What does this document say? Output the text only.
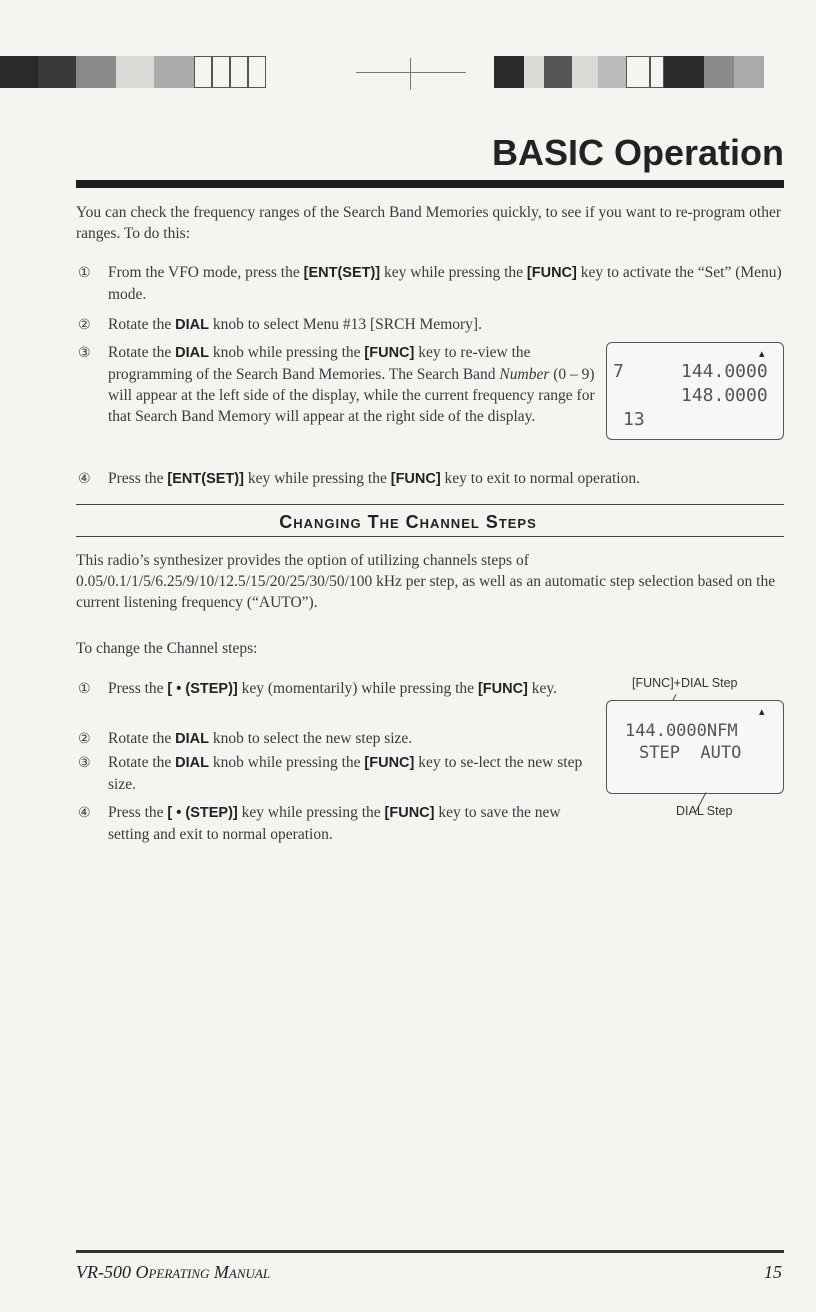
BASIC Operation

You can check the frequency ranges of the Search Band Memories quickly, to see if you want to re-program other ranges. To do this:

① From the VFO mode, press the [ENT(SET)] key while pressing the [FUNC] key to activate the “Set” (Menu) mode.
② Rotate the DIAL knob to select Menu #13 [SRCH Memory].
③ Rotate the DIAL knob while pressing the [FUNC] key to re-view the programming of the Search Band Memories. The Search Band Number (0 – 9) will appear at the left side of the display, while the current frequency range for that Search Band Memory will appear at the right side of the display.
▴
7	144.0000
148.0000
13
④ Press the [ENT(SET)] key while pressing the [FUNC] key to exit to normal operation.
Changing The Channel Steps

This radio’s synthesizer provides the option of utilizing channels steps of 0.05/0.1/1/5/6.25/9/10/12.5/15/20/25/30/50/100 kHz per step, as well as an automatic step selection based on the current listening frequency (“AUTO”).

To change the Channel steps:

① Press the [ • (STEP)] key (momentarily) while pressing the [FUNC] key.
② Rotate the DIAL knob to select the new step size.
③ Rotate the DIAL knob while pressing the [FUNC] key to se-lect the new step size.
④ Press the [ • (STEP)] key while pressing the [FUNC] key to save the new setting and exit to normal operation.
[FUNC]+DIAL Step
▴
144.0000NFM
STEP  AUTO
DIAL Step
VR-500 Operating Manual	15
